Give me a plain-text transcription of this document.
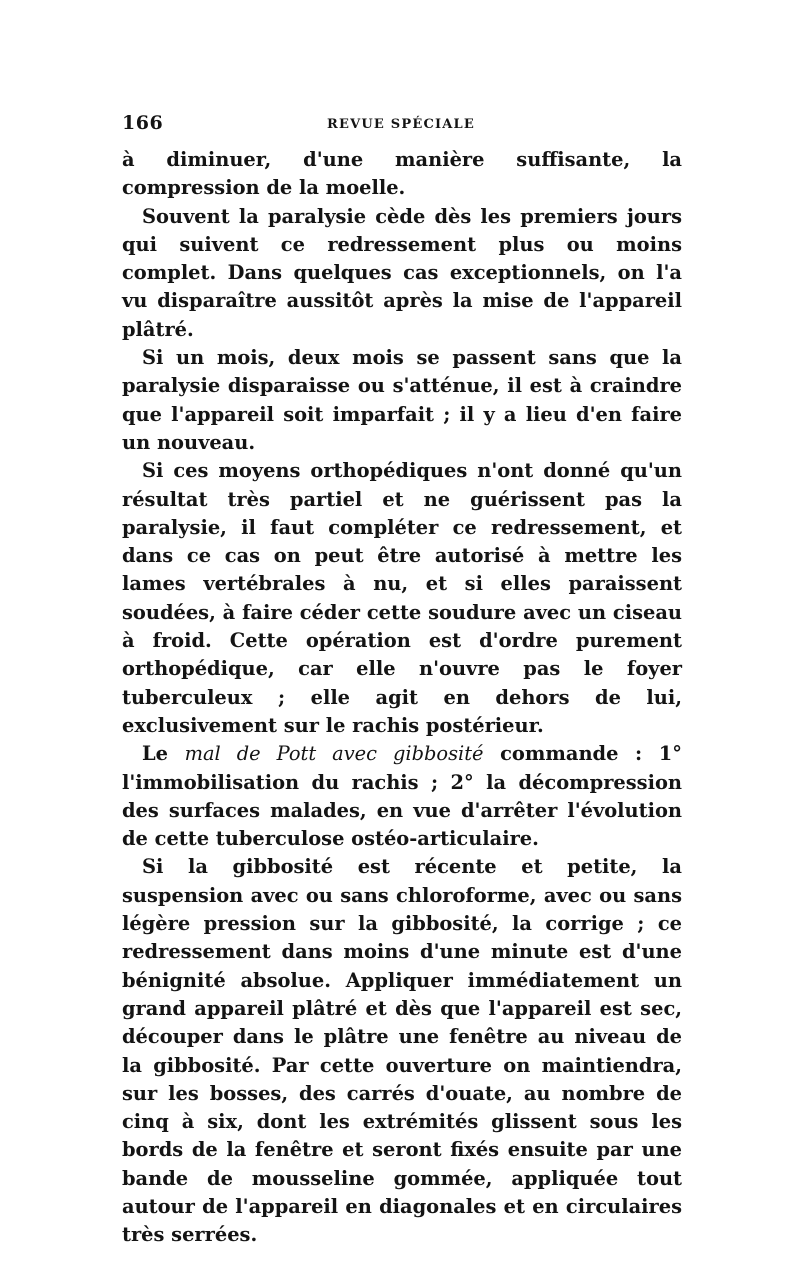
166	REVUE SPÉCIALE

à diminuer, d'une manière suffisante, la compression de la moelle.

Souvent la paralysie cède dès les premiers jours qui suivent ce redressement plus ou moins complet. Dans quelques cas exceptionnels, on l'a vu disparaître aussitôt après la mise de l'appareil plâtré.

Si un mois, deux mois se passent sans que la paralysie disparaisse ou s'atténue, il est à craindre que l'appareil soit imparfait ; il y a lieu d'en faire un nouveau.

Si ces moyens orthopédiques n'ont donné qu'un résultat très partiel et ne guérissent pas la paralysie, il faut compléter ce redressement, et dans ce cas on peut être autorisé à mettre les lames vertébrales à nu, et si elles paraissent soudées, à faire céder cette soudure avec un ciseau à froid. Cette opération est d'ordre purement orthopédique, car elle n'ouvre pas le foyer tuberculeux ; elle agit en dehors de lui, exclusivement sur le rachis postérieur.

Le mal de Pott avec gibbosité commande : 1° l'immobilisation du rachis ; 2° la décompression des surfaces malades, en vue d'arrêter l'évolution de cette tuberculose ostéo-articulaire.

Si la gibbosité est récente et petite, la suspension avec ou sans chloroforme, avec ou sans légère pression sur la gibbosité, la corrige ; ce redressement dans moins d'une minute est d'une bénignité absolue. Appliquer immédiatement un grand appareil plâtré et dès que l'appareil est sec, découper dans le plâtre une fenêtre au niveau de la gibbosité. Par cette ouverture on maintiendra, sur les bosses, des carrés d'ouate, au nombre de cinq à six, dont les extrémités glissent sous les bords de la fenêtre et seront fixés ensuite par une bande de mousseline gommée, appliquée tout autour de l'appareil en diagonales et en circulaires très serrées.
